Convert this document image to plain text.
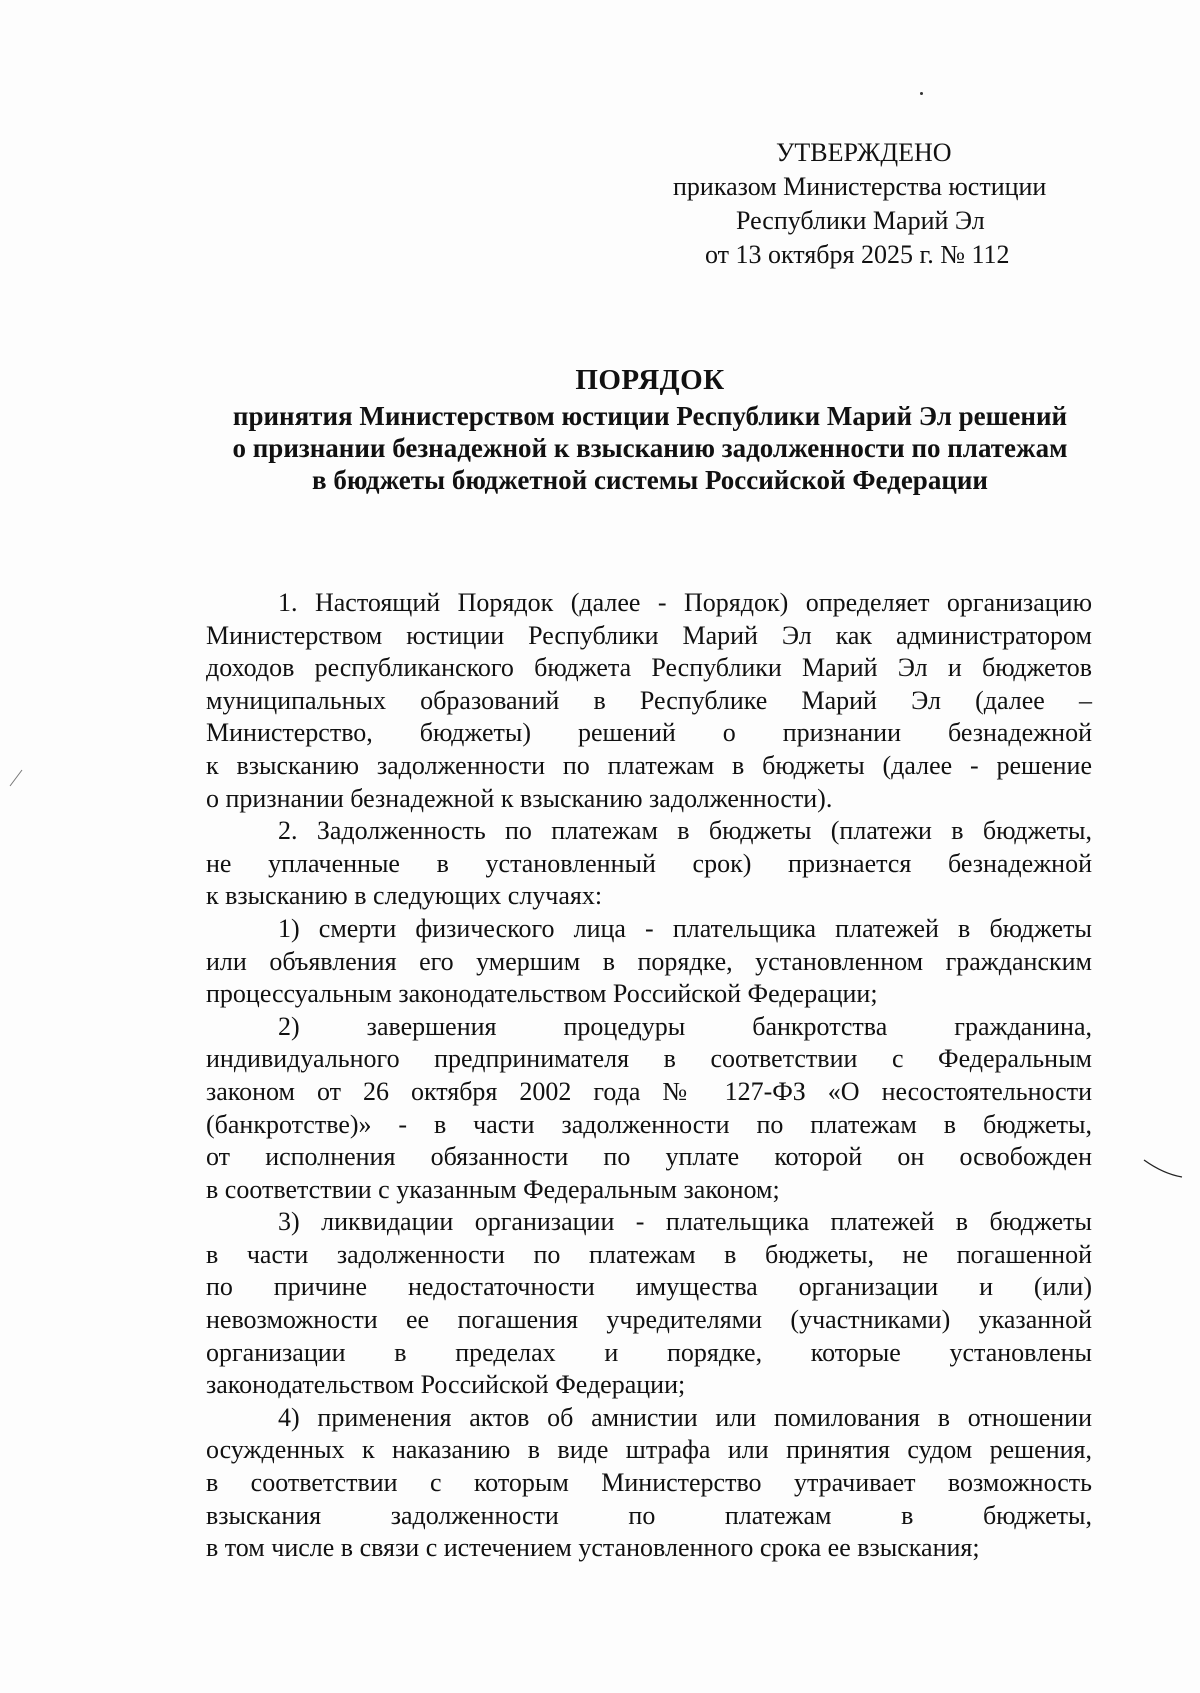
УТВЕРЖДЕНО
приказом Министерства юстиции
Республики Марий Эл
от 13 октября 2025 г. № 112
ПОРЯДОК
принятия Министерством юстиции Республики Марий Эл решений
о признании безнадежной к взысканию задолженности по платежам
в бюджеты бюджетной системы Российской Федерации
1. Настоящий Порядок (далее - Порядок) определяет организацию
Министерством юстиции Республики Марий Эл как администратором
доходов республиканского бюджета Республики Марий Эл и бюджетов
муниципальных образований в Республике Марий Эл (далее –
Министерство, бюджеты) решений о признании безнадежной
к взысканию задолженности по платежам в бюджеты (далее - решение
о признании безнадежной к взысканию задолженности).
2. Задолженность по платежам в бюджеты (платежи в бюджеты,
не уплаченные в установленный срок) признается безнадежной
к взысканию в следующих случаях:
1) смерти физического лица - плательщика платежей в бюджеты
или объявления его умершим в порядке, установленном гражданским
процессуальным законодательством Российской Федерации;
2) завершения процедуры банкротства гражданина,
индивидуального предпринимателя в соответствии с Федеральным
законом от 26 октября 2002 года № 127-ФЗ «О несостоятельности
(банкротстве)» - в части задолженности по платежам в бюджеты,
от исполнения обязанности по уплате которой он освобожден
в соответствии с указанным Федеральным законом;
3) ликвидации организации - плательщика платежей в бюджеты
в части задолженности по платежам в бюджеты, не погашенной
по причине недостаточности имущества организации и (или)
невозможности ее погашения учредителями (участниками) указанной
организации в пределах и порядке, которые установлены
законодательством Российской Федерации;
4) применения актов об амнистии или помилования в отношении
осужденных к наказанию в виде штрафа или принятия судом решения,
в соответствии с которым Министерство утрачивает возможность
взыскания задолженности по платежам в бюджеты,
в том числе в связи с истечением установленного срока ее взыскания;
